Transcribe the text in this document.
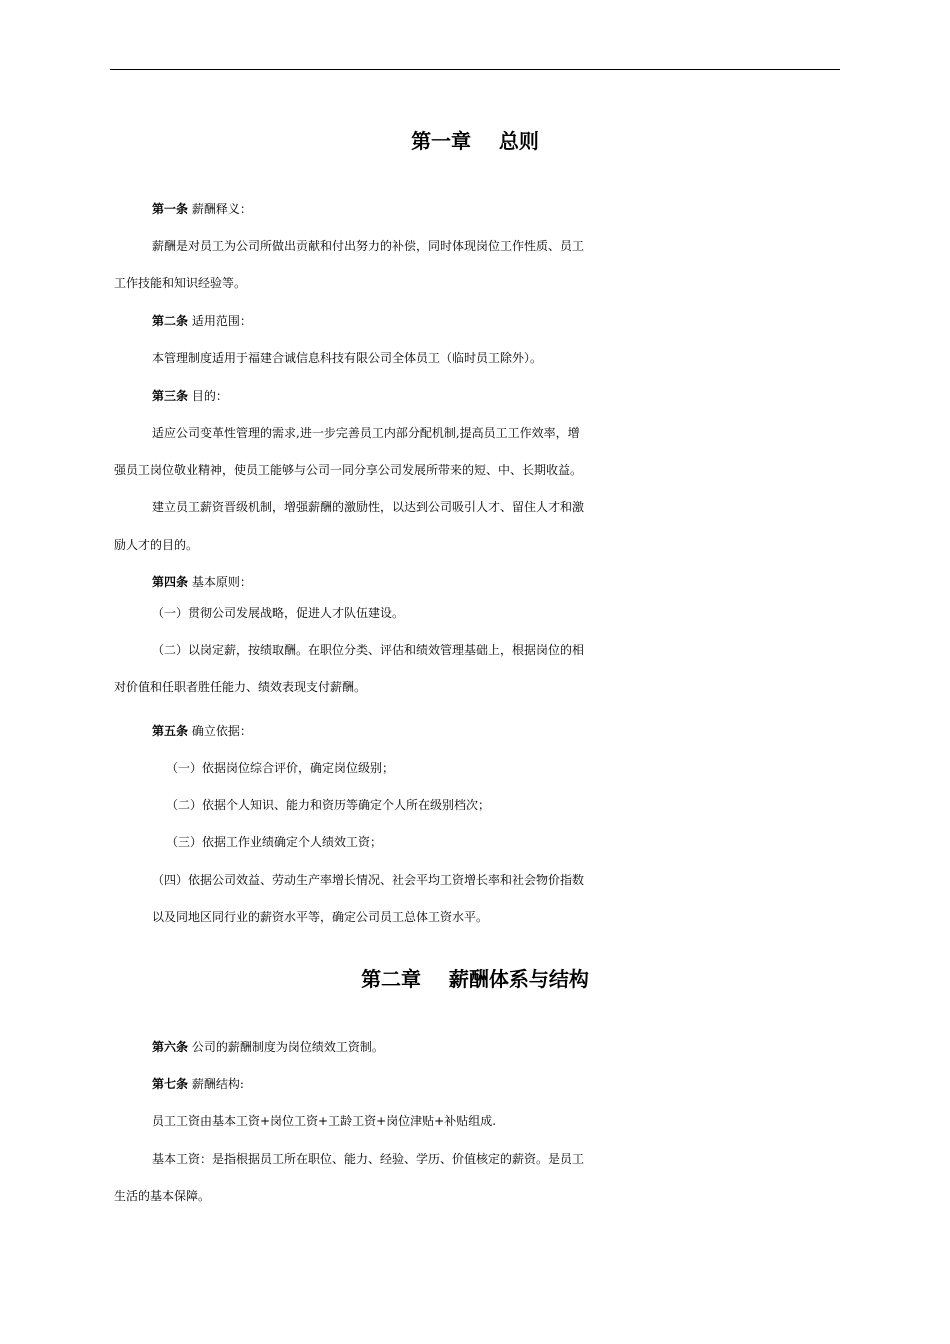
第一章    总则
第一条 薪酬释义：
薪酬是对员工为公司所做出贡献和付出努力的补偿，同时体现岗位工作性质、员工
工作技能和知识经验等。
第二条 适用范围：
本管理制度适用于福建合诚信息科技有限公司全体员工（临时员工除外）。
第三条 目的：
适应公司变革性管理的需求,进一步完善员工内部分配机制,提高员工工作效率，增
强员工岗位敬业精神，使员工能够与公司一同分享公司发展所带来的短、中、长期收益。
建立员工薪资晋级机制，增强薪酬的激励性，以达到公司吸引人才、留住人才和激
励人才的目的。
第四条 基本原则：
（一）贯彻公司发展战略，促进人才队伍建设。
（二）以岗定薪，按绩取酬。在职位分类、评估和绩效管理基础上，根据岗位的相
对价值和任职者胜任能力、绩效表现支付薪酬。
第五条 确立依据：
（一）依据岗位综合评价，确定岗位级别；
（二）依据个人知识、能力和资历等确定个人所在级别档次；
（三）依据工作业绩确定个人绩效工资；
（四）依据公司效益、劳动生产率增长情况、社会平均工资增长率和社会物价指数
以及同地区同行业的薪资水平等，确定公司员工总体工资水平。
第二章    薪酬体系与结构
第六条 公司的薪酬制度为岗位绩效工资制。
第七条 薪酬结构:
员工工资由基本工资+岗位工资+工龄工资+岗位津贴+补贴组成.
基本工资：是指根据员工所在职位、能力、经验、学历、价值核定的薪资。是员工
生活的基本保障。
